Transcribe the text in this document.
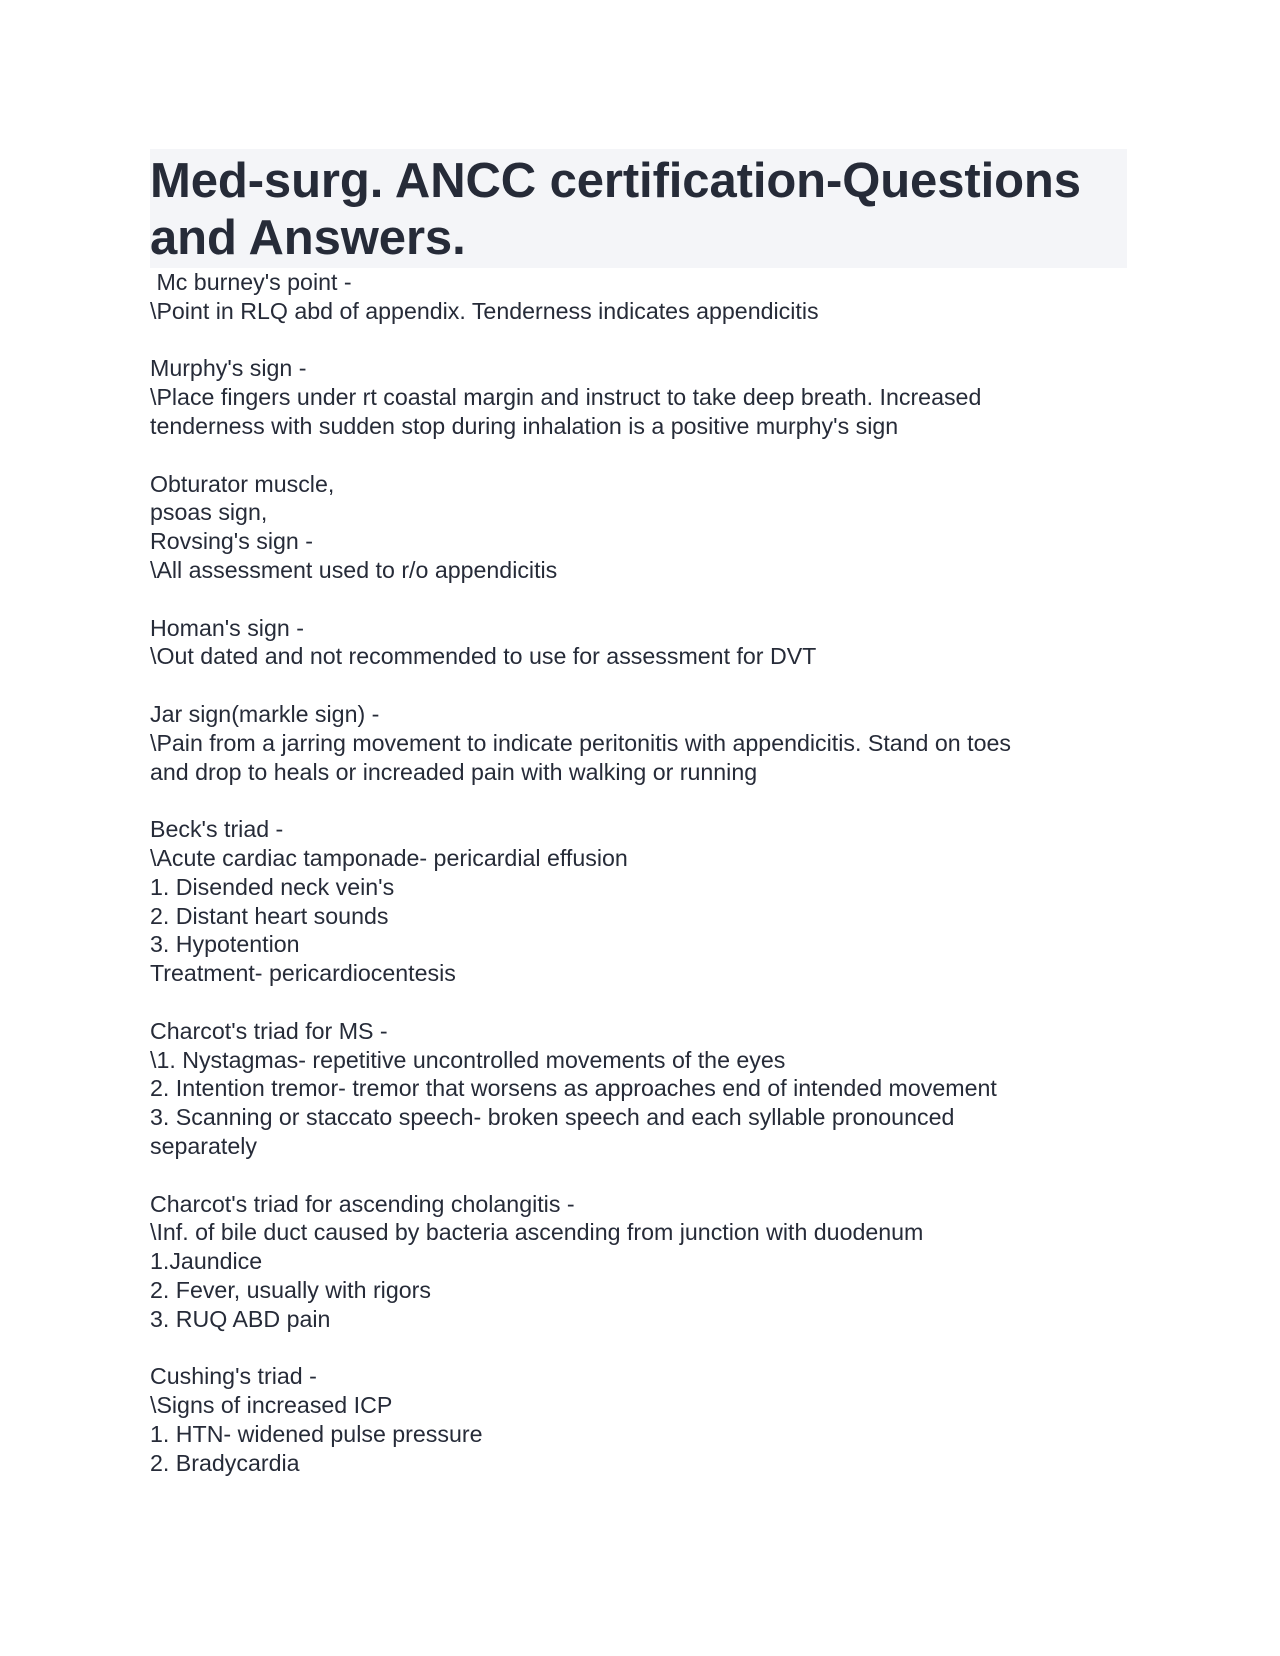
Med-surg. ANCC certification-Questions and Answers.
Mc burney's point -
\Point in RLQ abd of appendix. Tenderness indicates appendicitis
Murphy's sign -
\Place fingers under rt coastal margin and instruct to take deep breath. Increased
tenderness with sudden stop during inhalation is a positive murphy's sign
Obturator muscle,
psoas sign,
Rovsing's sign -
\All assessment used to r/o appendicitis
Homan's sign -
\Out dated and not recommended to use for assessment for DVT
Jar sign(markle sign) -
\Pain from a jarring movement to indicate peritonitis with appendicitis. Stand on toes
and drop to heals or increaded pain with walking or running
Beck's triad -
\Acute cardiac tamponade- pericardial effusion
1. Disended neck vein's
2. Distant heart sounds
3. Hypotention
Treatment- pericardiocentesis
Charcot's triad for MS -
\1. Nystagmas- repetitive uncontrolled movements of the eyes
2. Intention tremor- tremor that worsens as approaches end of intended movement
3. Scanning or staccato speech- broken speech and each syllable pronounced
separately
Charcot's triad for ascending cholangitis -
\Inf. of bile duct caused by bacteria ascending from junction with duodenum
1.Jaundice
2. Fever, usually with rigors
3. RUQ ABD pain
Cushing's triad -
\Signs of increased ICP
1. HTN- widened pulse pressure
2. Bradycardia
